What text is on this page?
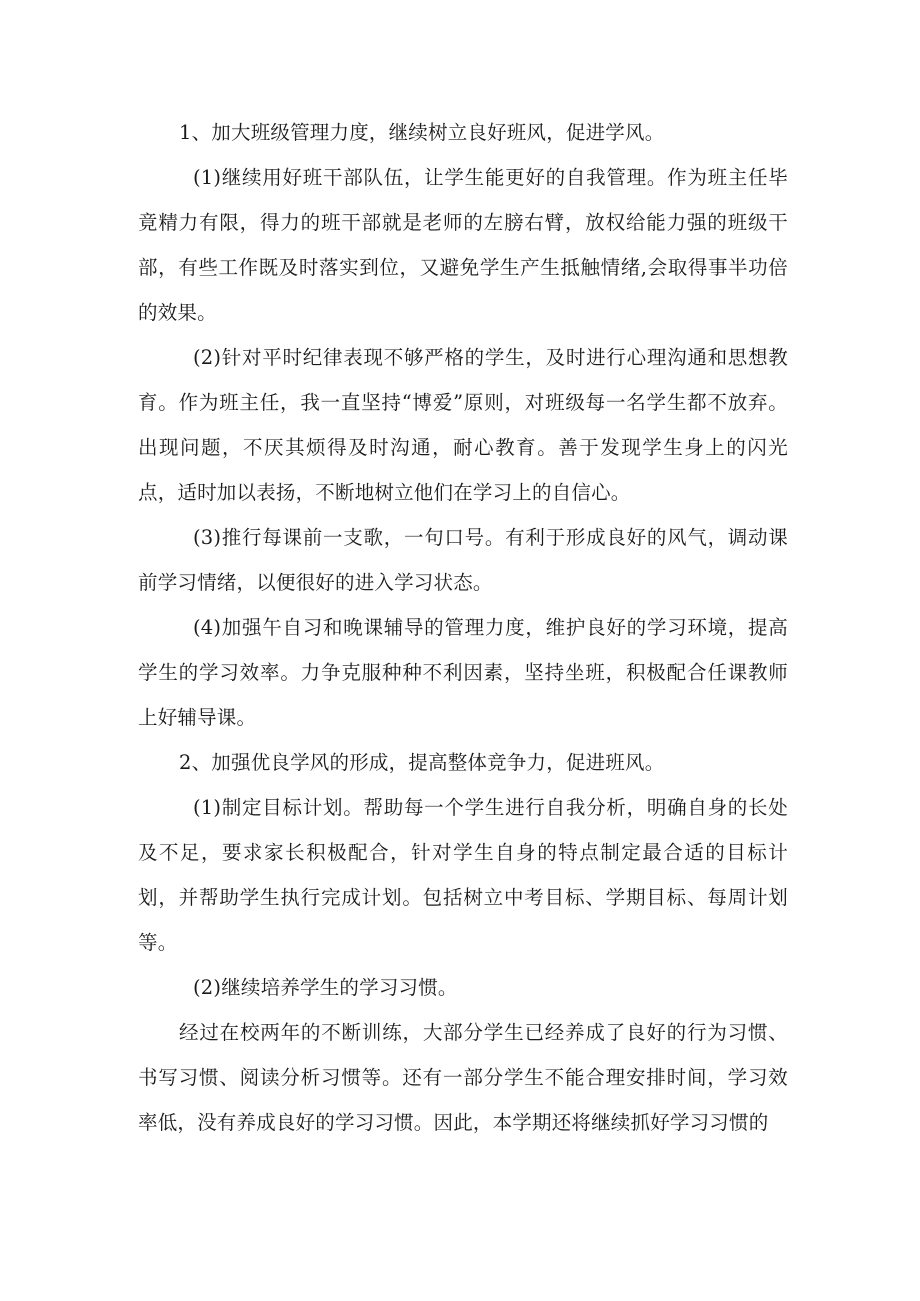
1、加大班级管理力度，继续树立良好班风，促进学风。

(1)继续用好班干部队伍，让学生能更好的自我管理。作为班主任毕竟精力有限，得力的班干部就是老师的左膀右臂，放权给能力强的班级干部，有些工作既及时落实到位，又避免学生产生抵触情绪,会取得事半功倍的效果。

(2)针对平时纪律表现不够严格的学生，及时进行心理沟通和思想教育。作为班主任，我一直坚持“博爱”原则，对班级每一名学生都不放弃。出现问题，不厌其烦得及时沟通，耐心教育。善于发现学生身上的闪光点，适时加以表扬，不断地树立他们在学习上的自信心。

(3)推行每课前一支歌，一句口号。有利于形成良好的风气，调动课前学习情绪，以便很好的进入学习状态。

(4)加强午自习和晚课辅导的管理力度，维护良好的学习环境，提高学生的学习效率。力争克服种种不利因素，坚持坐班，积极配合任课教师上好辅导课。

2、加强优良学风的形成，提高整体竞争力，促进班风。

(1)制定目标计划。帮助每一个学生进行自我分析，明确自身的长处及不足，要求家长积极配合，针对学生自身的特点制定最合适的目标计划，并帮助学生执行完成计划。包括树立中考目标、学期目标、每周计划等。

(2)继续培养学生的学习习惯。

经过在校两年的不断训练，大部分学生已经养成了良好的行为习惯、书写习惯、阅读分析习惯等。还有一部分学生不能合理安排时间，学习效率低，没有养成良好的学习习惯。因此，本学期还将继续抓好学习习惯的
